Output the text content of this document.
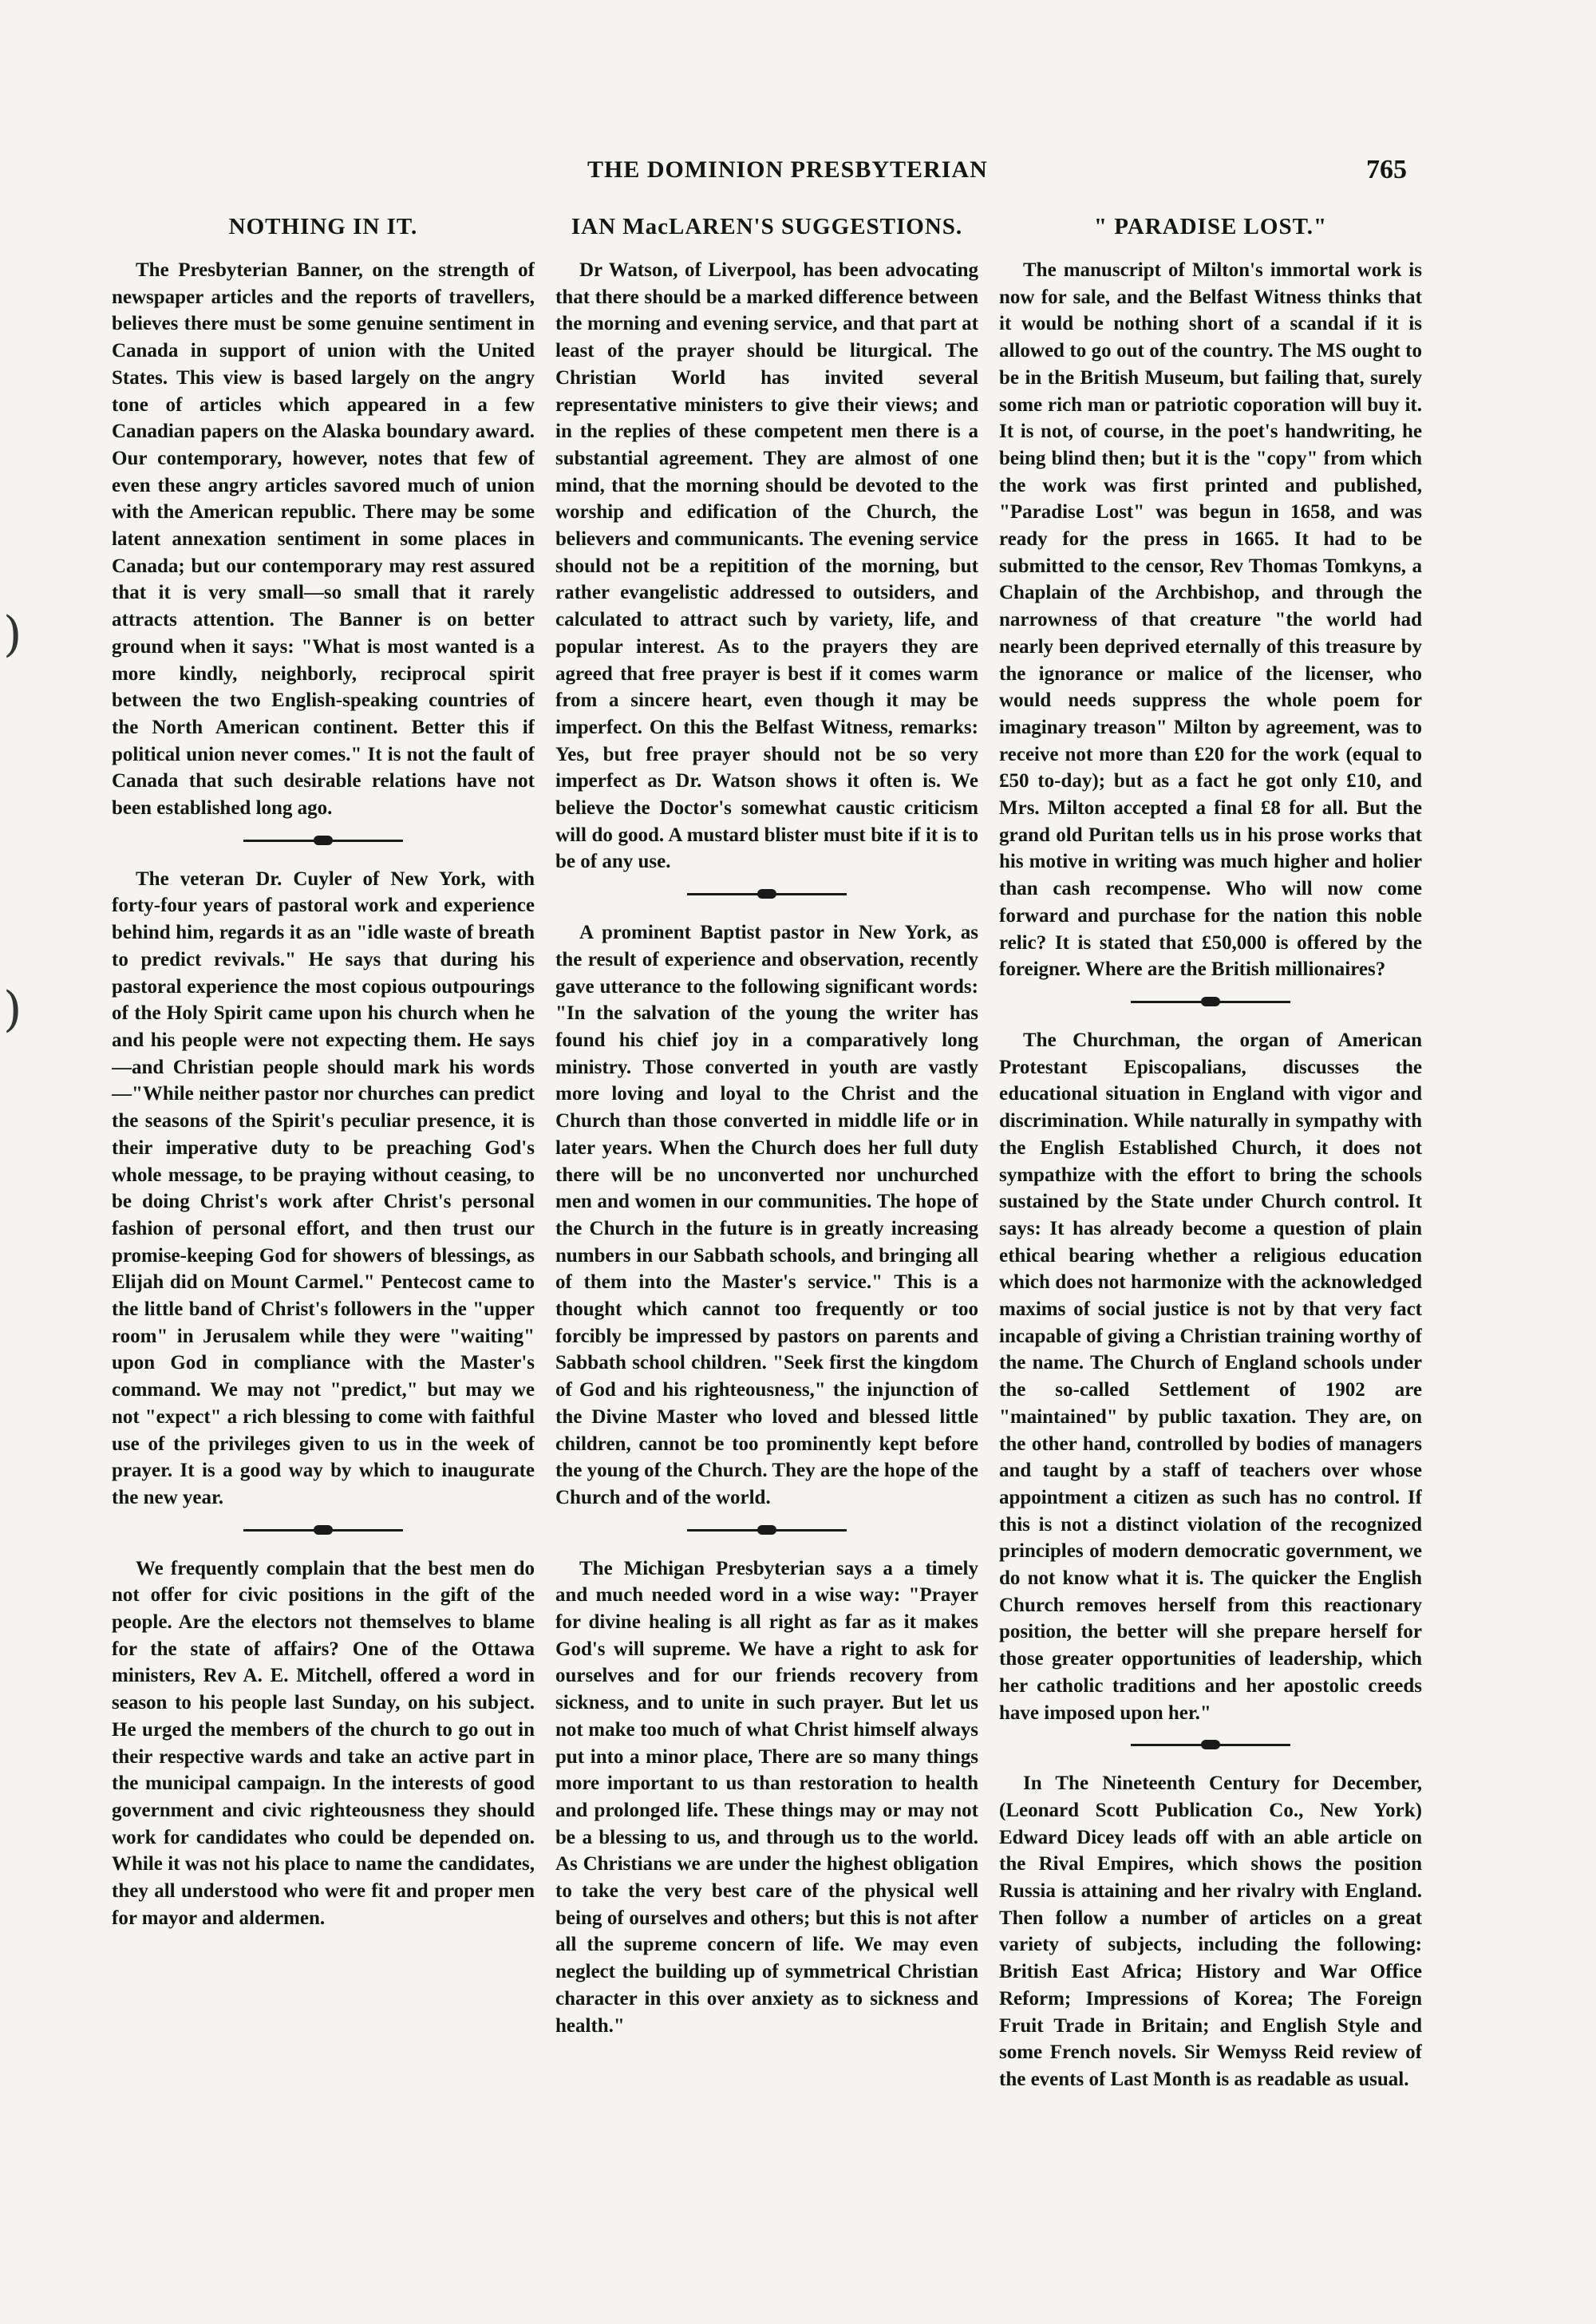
)
)
THE DOMINION PRESBYTERIAN	765
NOTHING IN IT.

The Presbyterian Banner, on the strength of newspaper articles and the reports of travellers, believes there must be some genuine sentiment in Canada in support of union with the United States. This view is based largely on the angry tone of articles which appeared in a few Canadian papers on the Alaska boundary award. Our contemporary, however, notes that few of even these angry articles savored much of union with the American republic. There may be some latent annexation sentiment in some places in Canada; but our contemporary may rest assured that it is very small—so small that it rarely attracts attention. The Banner is on better ground when it says: "What is most wanted is a more kindly, neighborly, reciprocal spirit between the two English-speaking countries of the North American continent. Better this if political union never comes." It is not the fault of Canada that such desirable relations have not been established long ago.

The veteran Dr. Cuyler of New York, with forty-four years of pastoral work and experience behind him, regards it as an "idle waste of breath to predict revivals." He says that during his pastoral experience the most copious outpourings of the Holy Spirit came upon his church when he and his people were not expecting them. He says—and Christian people should mark his words—"While neither pastor nor churches can predict the seasons of the Spirit's peculiar presence, it is their imperative duty to be preaching God's whole message, to be praying without ceasing, to be doing Christ's work after Christ's personal fashion of personal effort, and then trust our promise-keeping God for showers of blessings, as Elijah did on Mount Carmel." Pentecost came to the little band of Christ's followers in the "upper room" in Jerusalem while they were "waiting" upon God in compliance with the Master's command. We may not "predict," but may we not "expect" a rich blessing to come with faithful use of the privileges given to us in the week of prayer. It is a good way by which to inaugurate the new year.

We frequently complain that the best men do not offer for civic positions in the gift of the people. Are the electors not themselves to blame for the state of affairs? One of the Ottawa ministers, Rev A. E. Mitchell, offered a word in season to his people last Sunday, on his subject. He urged the members of the church to go out in their respective wards and take an active part in the municipal campaign. In the interests of good government and civic righteousness they should work for candidates who could be depended on. While it was not his place to name the candidates, they all understood who were fit and proper men for mayor and aldermen.

IAN MacLAREN'S SUGGESTIONS.

Dr Watson, of Liverpool, has been advocating that there should be a marked difference between the morning and evening service, and that part at least of the prayer should be liturgical. The Christian World has invited several representative ministers to give their views; and in the replies of these competent men there is a substantial agreement. They are almost of one mind, that the morning should be devoted to the worship and edification of the Church, the believers and communicants. The evening service should not be a repitition of the morning, but rather evangelistic addressed to outsiders, and calculated to attract such by variety, life, and popular interest. As to the prayers they are agreed that free prayer is best if it comes warm from a sincere heart, even though it may be imperfect. On this the Belfast Witness, remarks: Yes, but free prayer should not be so very imperfect as Dr. Watson shows it often is. We believe the Doctor's somewhat caustic criticism will do good. A mustard blister must bite if it is to be of any use.

A prominent Baptist pastor in New York, as the result of experience and observation, recently gave utterance to the following significant words: "In the salvation of the young the writer has found his chief joy in a comparatively long ministry. Those converted in youth are vastly more loving and loyal to the Christ and the Church than those converted in middle life or in later years. When the Church does her full duty there will be no unconverted nor unchurched men and women in our communities. The hope of the Church in the future is in greatly increasing numbers in our Sabbath schools, and bringing all of them into the Master's service." This is a thought which cannot too frequently or too forcibly be impressed by pastors on parents and Sabbath school children. "Seek first the kingdom of God and his righteousness," the injunction of the Divine Master who loved and blessed little children, cannot be too prominently kept before the young of the Church. They are the hope of the Church and of the world.

The Michigan Presbyterian says a a timely and much needed word in a wise way: "Prayer for divine healing is all right as far as it makes God's will supreme. We have a right to ask for ourselves and for our friends recovery from sickness, and to unite in such prayer. But let us not make too much of what Christ himself always put into a minor place, There are so many things more important to us than restoration to health and prolonged life. These things may or may not be a blessing to us, and through us to the world. As Christians we are under the highest obligation to take the very best care of the physical well being of ourselves and others; but this is not after all the supreme concern of life. We may even neglect the building up of symmetrical Christian character in this over anxiety as to sickness and health."

" PARADISE LOST."

The manuscript of Milton's immortal work is now for sale, and the Belfast Witness thinks that it would be nothing short of a scandal if it is allowed to go out of the country. The MS ought to be in the British Museum, but failing that, surely some rich man or patriotic coporation will buy it. It is not, of course, in the poet's handwriting, he being blind then; but it is the "copy" from which the work was first printed and published, "Paradise Lost" was begun in 1658, and was ready for the press in 1665. It had to be submitted to the censor, Rev Thomas Tomkyns, a Chaplain of the Archbishop, and through the narrowness of that creature "the world had nearly been deprived eternally of this treasure by the ignorance or malice of the licenser, who would needs suppress the whole poem for imaginary treason" Milton by agreement, was to receive not more than £20 for the work (equal to £50 to-day); but as a fact he got only £10, and Mrs. Milton accepted a final £8 for all. But the grand old Puritan tells us in his prose works that his motive in writing was much higher and holier than cash recompense. Who will now come forward and purchase for the nation this noble relic? It is stated that £50,000 is offered by the foreigner. Where are the British millionaires?

The Churchman, the organ of American Protestant Episcopalians, discusses the educational situation in England with vigor and discrimination. While naturally in sympathy with the English Established Church, it does not sympathize with the effort to bring the schools sustained by the State under Church control. It says: It has already become a question of plain ethical bearing whether a religious education which does not harmonize with the acknowledged maxims of social justice is not by that very fact incapable of giving a Christian training worthy of the name. The Church of England schools under the so-called Settlement of 1902 are "maintained" by public taxation. They are, on the other hand, controlled by bodies of managers and taught by a staff of teachers over whose appointment a citizen as such has no control. If this is not a distinct violation of the recognized principles of modern democratic government, we do not know what it is. The quicker the English Church removes herself from this reactionary position, the better will she prepare herself for those greater opportunities of leadership, which her catholic traditions and her apostolic creeds have imposed upon her."

In The Nineteenth Century for December, (Leonard Scott Publication Co., New York) Edward Dicey leads off with an able article on the Rival Empires, which shows the position Russia is attaining and her rivalry with England. Then follow a number of articles on a great variety of subjects, including the following: British East Africa; History and War Office Reform; Impressions of Korea; The Foreign Fruit Trade in Britain; and English Style and some French novels. Sir Wemyss Reid review of the events of Last Month is as readable as usual.
